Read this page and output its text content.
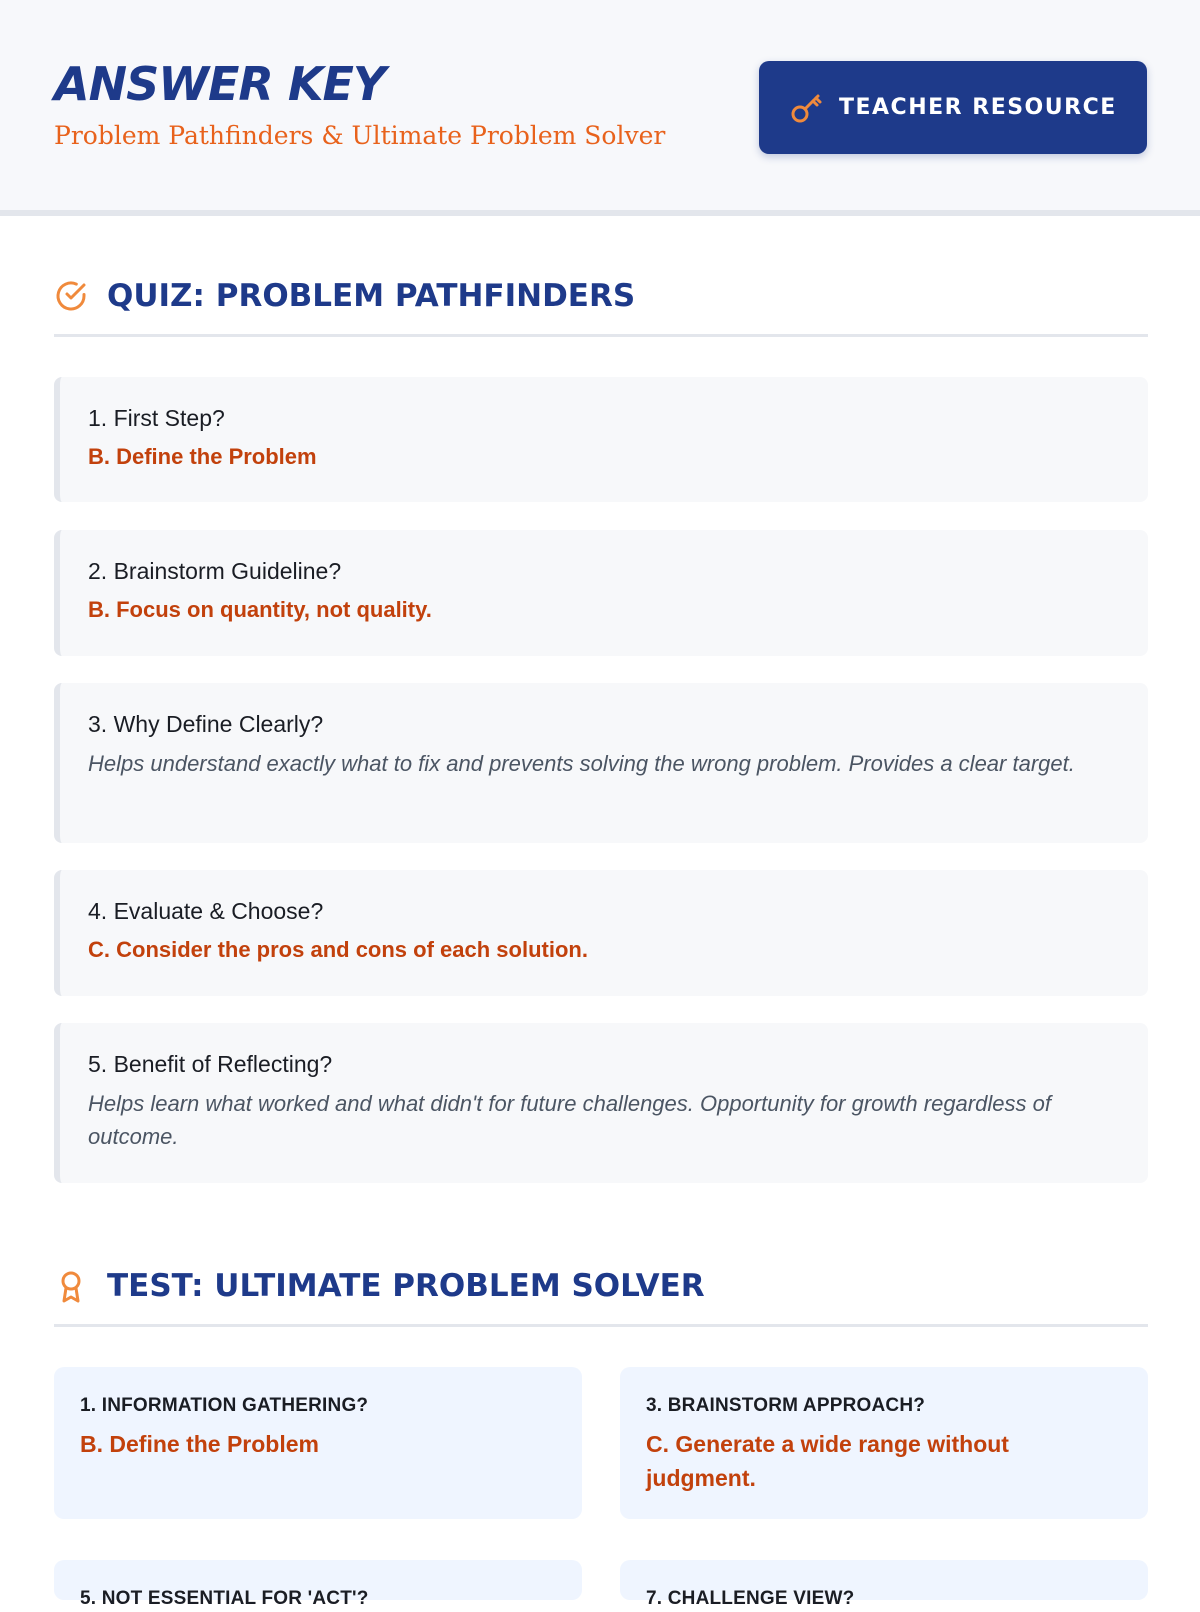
ANSWER KEY
Problem Pathfinders & Ultimate Problem Solver
TEACHER RESOURCE
QUIZ: PROBLEM PATHFINDERS
1. First Step?
B. Define the Problem
2. Brainstorm Guideline?
B. Focus on quantity, not quality.
3. Why Define Clearly?
Helps understand exactly what to fix and prevents solving the wrong problem. Provides a clear target.
4. Evaluate & Choose?
C. Consider the pros and cons of each solution.
5. Benefit of Reflecting?
Helps learn what worked and what didn't for future challenges. Opportunity for growth regardless of outcome.
TEST: ULTIMATE PROBLEM SOLVER
1. INFORMATION GATHERING?
B. Define the Problem
3. BRAINSTORM APPROACH?
C. Generate a wide range without judgment.
5. NOT ESSENTIAL FOR 'ACT'?	7. CHALLENGE VIEW?
